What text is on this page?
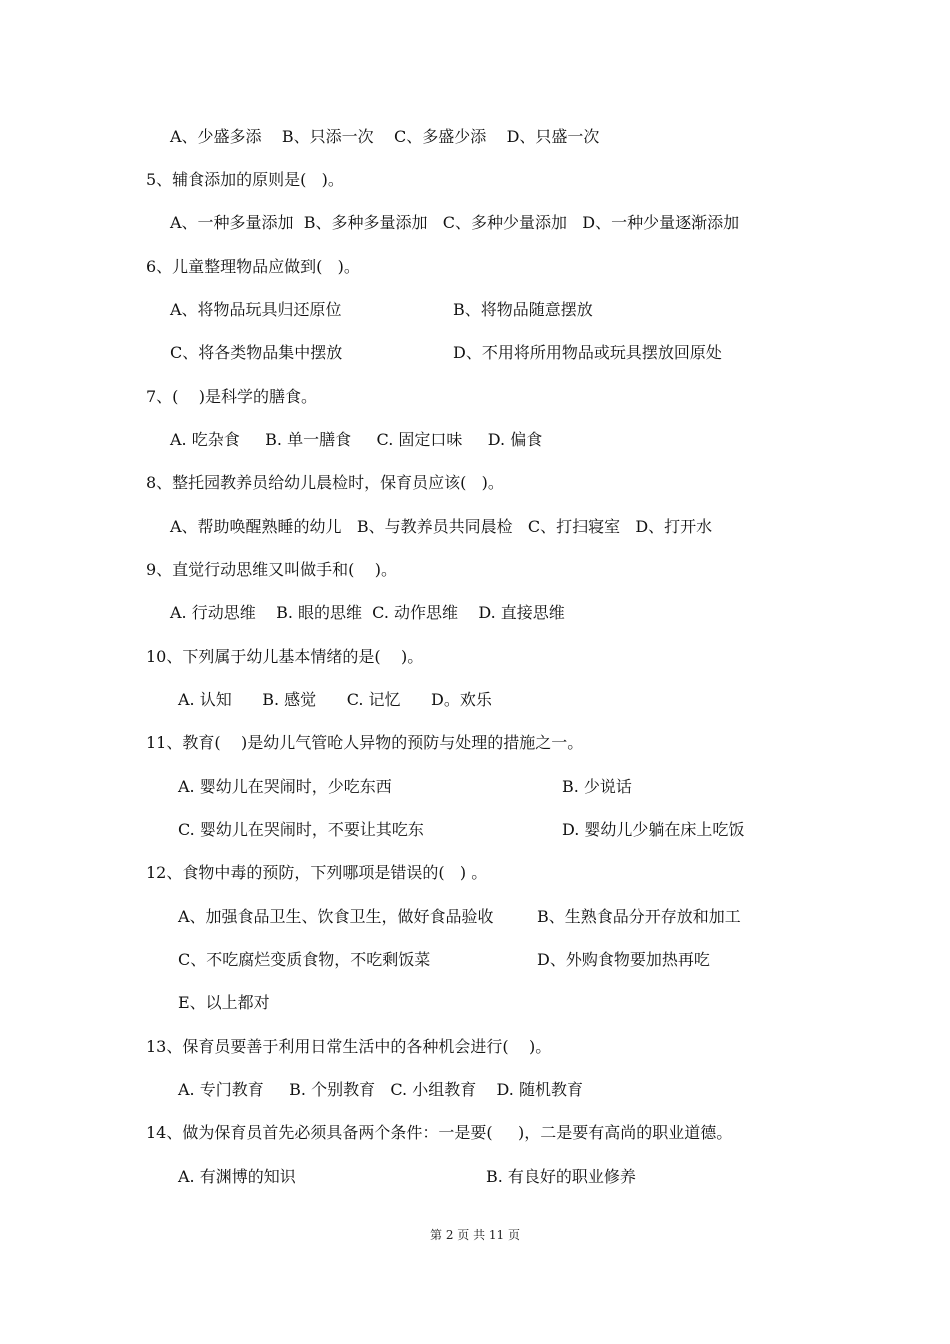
A、少盛多添    B、只添一次    C、多盛少添    D、只盛一次
5、辅食添加的原则是(   )。
A、一种多量添加  B、多种多量添加   C、多种少量添加   D、一种少量逐渐添加
6、儿童整理物品应做到(   )。
A、将物品玩具归还原位	B、将物品随意摆放
C、将各类物品集中摆放	D、不用将所用物品或玩具摆放回原处
7、(    )是科学的膳食。
A. 吃杂食     B. 单一膳食     C. 固定口味     D. 偏食
8、整托园教养员给幼儿晨检时，保育员应该(   )。
A、帮助唤醒熟睡的幼儿   B、与教养员共同晨检   C、打扫寝室   D、打开水
9、直觉行动思维又叫做手和(    )。
A. 行动思维    B. 眼的思维  C. 动作思维    D. 直接思维
10、下列属于幼儿基本情绪的是(    )。
A. 认知      B. 感觉      C. 记忆      D。欢乐
11、教育(    )是幼儿气管呛人异物的预防与处理的措施之一。
A. 婴幼儿在哭闹时，少吃东西	B. 少说话
C. 婴幼儿在哭闹时，不要让其吃东	D. 婴幼儿少躺在床上吃饭
12、食物中毒的预防，下列哪项是错误的(   ) 。
A、加强食品卫生、饮食卫生，做好食品验收	B、生熟食品分开存放和加工
C、不吃腐烂变质食物，不吃剩饭菜	D、外购食物要加热再吃
E、以上都对
13、保育员要善于利用日常生活中的各种机会进行(    )。
A. 专门教育     B. 个别教育   C. 小组教育    D. 随机教育
14、做为保育员首先必须具备两个条件：一是要(     )，二是要有高尚的职业道德。
A. 有渊博的知识	B. 有良好的职业修养
第 2 页 共 11 页
